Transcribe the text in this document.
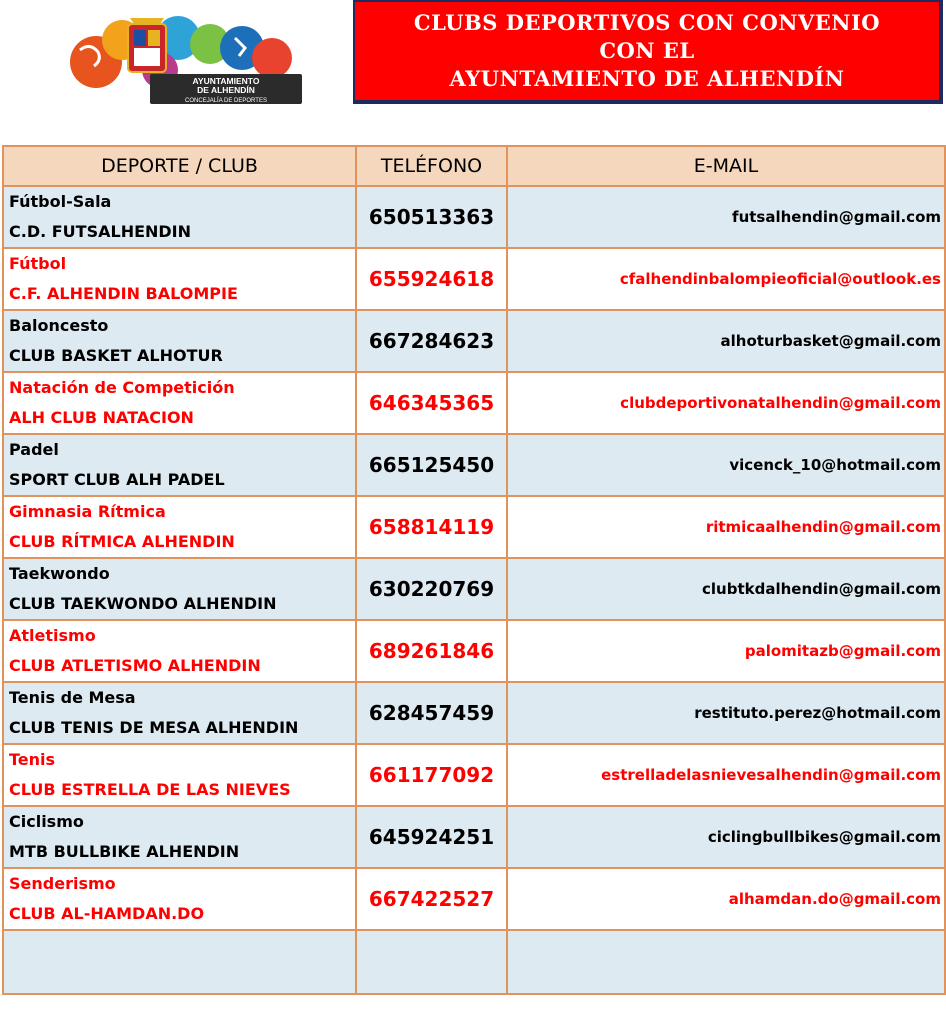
AYUNTAMIENTO
DE ALHENDÍN
CONCEJALÍA DE DEPORTES
CLUBS DEPORTIVOS CON CONVENIO
CON EL
AYUNTAMIENTO DE ALHENDÍN
DEPORTE / CLUB	TELÉFONO	E-MAIL

Fútbol-Sala
C.D. FUTSALHENDIN	650513363	futsalhendin@gmail.com

Fútbol
C.F. ALHENDIN BALOMPIE	655924618	cfalhendinbalompieoficial@outlook.es

Baloncesto
CLUB BASKET ALHOTUR	667284623	alhoturbasket@gmail.com

Natación de Competición
ALH CLUB NATACION	646345365	clubdeportivonatalhendin@gmail.com

Padel
SPORT CLUB ALH PADEL	665125450	vicenck_10@hotmail.com

Gimnasia Rítmica
CLUB RÍTMICA ALHENDIN	658814119	ritmicaalhendin@gmail.com

Taekwondo
CLUB TAEKWONDO ALHENDIN	630220769	clubtkdalhendin@gmail.com

Atletismo
CLUB ATLETISMO ALHENDIN	689261846	palomitazb@gmail.com

Tenis de Mesa
CLUB TENIS DE MESA ALHENDIN	628457459	restituto.perez@hotmail.com

Tenis
CLUB ESTRELLA DE LAS NIEVES	661177092	estrelladelasnievesalhendin@gmail.com

Ciclismo
MTB BULLBIKE ALHENDIN	645924251	ciclingbullbikes@gmail.com

Senderismo
CLUB AL-HAMDAN.DO	667422527	alhamdan.do@gmail.com
